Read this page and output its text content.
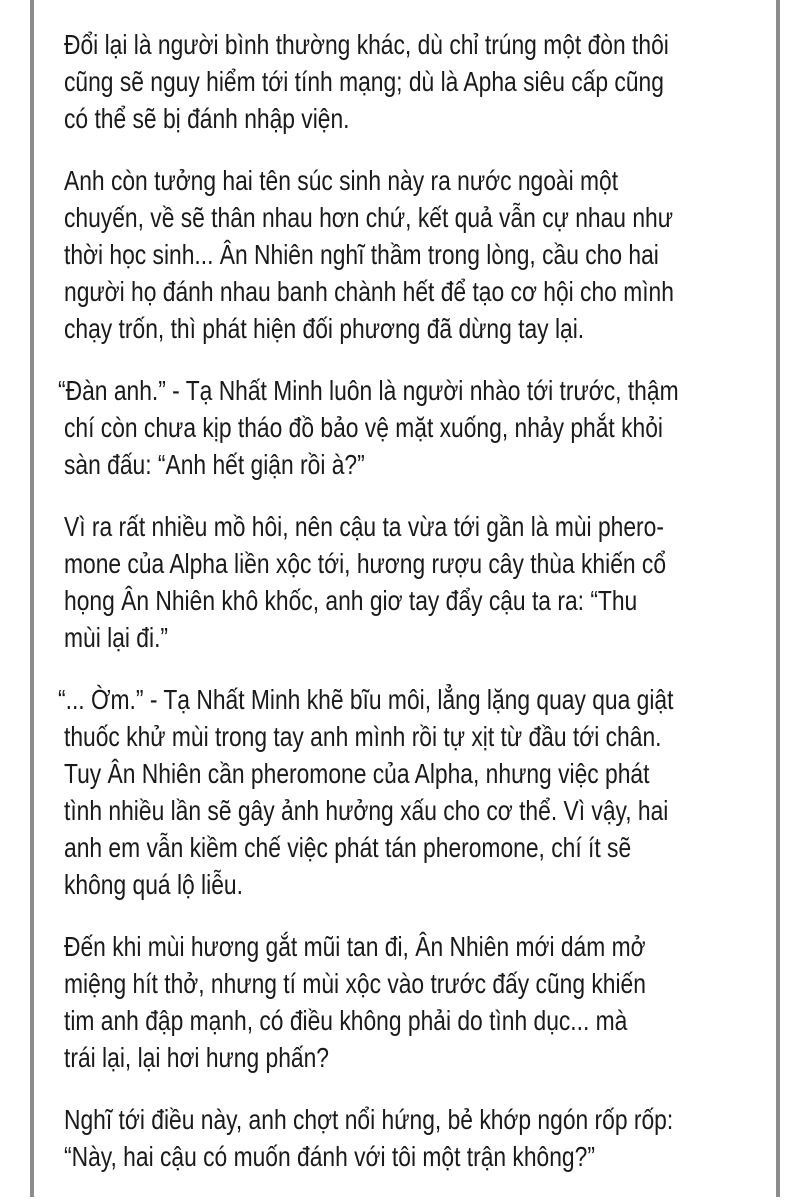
Đổi lại là người bình thường khác, dù chỉ trúng một đòn thôi
cũng sẽ nguy hiểm tới tính mạng; dù là Apha siêu cấp cũng
có thể sẽ bị đánh nhập viện.
Anh còn tưởng hai tên súc sinh này ra nước ngoài một
chuyến, về sẽ thân nhau hơn chứ, kết quả vẫn cự nhau như
thời học sinh... Ân Nhiên nghĩ thầm trong lòng, cầu cho hai
người họ đánh nhau banh chành hết để tạo cơ hội cho mình
chạy trốn, thì phát hiện đối phương đã dừng tay lại.
“Đàn anh.” - Tạ Nhất Minh luôn là người nhào tới trước, thậm
chí còn chưa kịp tháo đồ bảo vệ mặt xuống, nhảy phắt khỏi
sàn đấu: “Anh hết giận rồi à?”
Vì ra rất nhiều mồ hôi, nên cậu ta vừa tới gần là mùi phero-
mone của Alpha liền xộc tới, hương rượu cây thùa khiến cổ
họng Ân Nhiên khô khốc, anh giơ tay đẩy cậu ta ra: “Thu
mùi lại đi.”
“... Ờm.” - Tạ Nhất Minh khẽ bĩu môi, lẳng lặng quay qua giật
thuốc khử mùi trong tay anh mình rồi tự xịt từ đầu tới chân.
Tuy Ân Nhiên cần pheromone của Alpha, nhưng việc phát
tình nhiều lần sẽ gây ảnh hưởng xấu cho cơ thể. Vì vậy, hai
anh em vẫn kiềm chế việc phát tán pheromone, chí ít sẽ
không quá lộ liễu.
Đến khi mùi hương gắt mũi tan đi, Ân Nhiên mới dám mở
miệng hít thở, nhưng tí mùi xộc vào trước đấy cũng khiến
tim anh đập mạnh, có điều không phải do tình dục... mà
trái lại, lại hơi hưng phấn?
Nghĩ tới điều này, anh chợt nổi hứng, bẻ khớp ngón rốp rốp:
“Này, hai cậu có muốn đánh với tôi một trận không?”
